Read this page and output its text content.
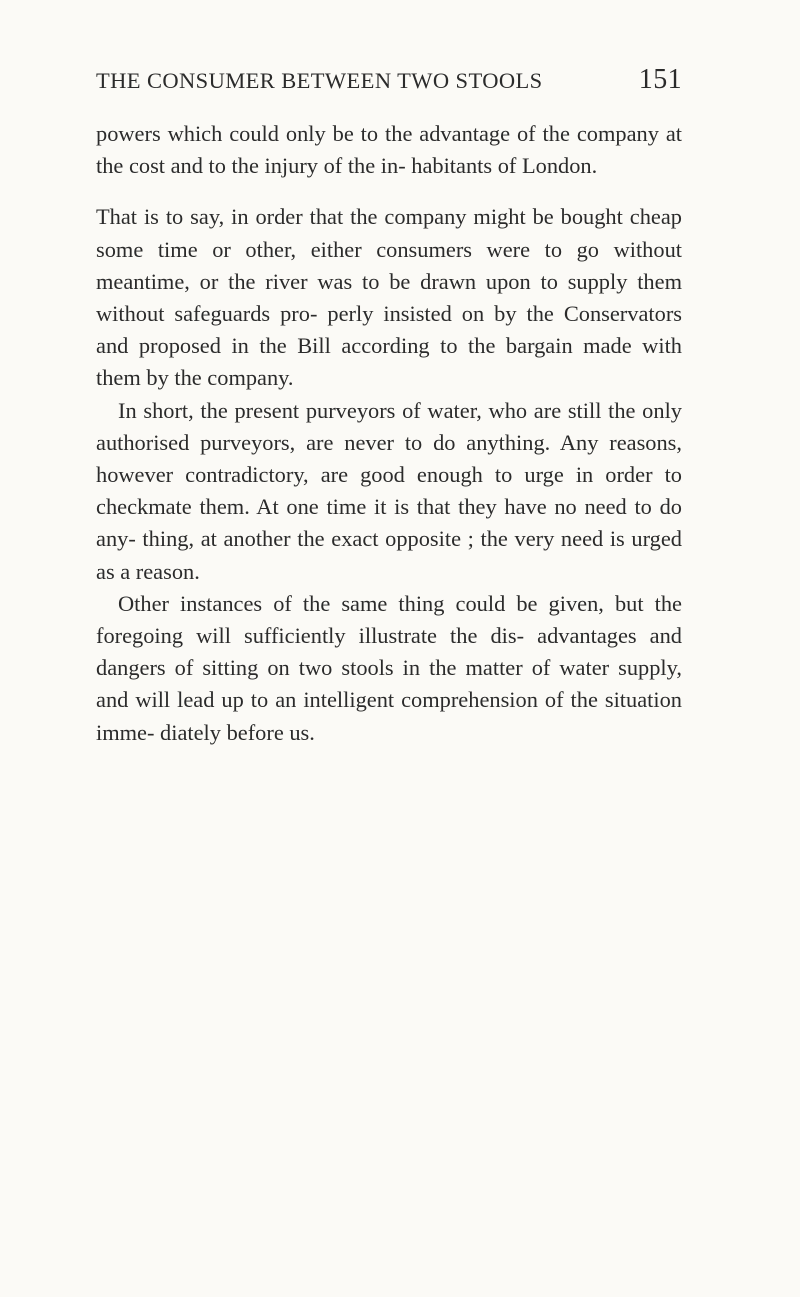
THE CONSUMER BETWEEN TWO STOOLS	151

powers which could only be to the advantage of the company at the cost and to the injury of the in- habitants of London.

That is to say, in order that the company might be bought cheap some time or other, either consumers were to go without meantime, or the river was to be drawn upon to supply them without safeguards pro- perly insisted on by the Conservators and proposed in the Bill according to the bargain made with them by the company.

In short, the present purveyors of water, who are still the only authorised purveyors, are never to do anything. Any reasons, however contradictory, are good enough to urge in order to checkmate them. At one time it is that they have no need to do any- thing, at another the exact opposite ; the very need is urged as a reason.

Other instances of the same thing could be given, but the foregoing will sufficiently illustrate the dis- advantages and dangers of sitting on two stools in the matter of water supply, and will lead up to an intelligent comprehension of the situation imme- diately before us.
